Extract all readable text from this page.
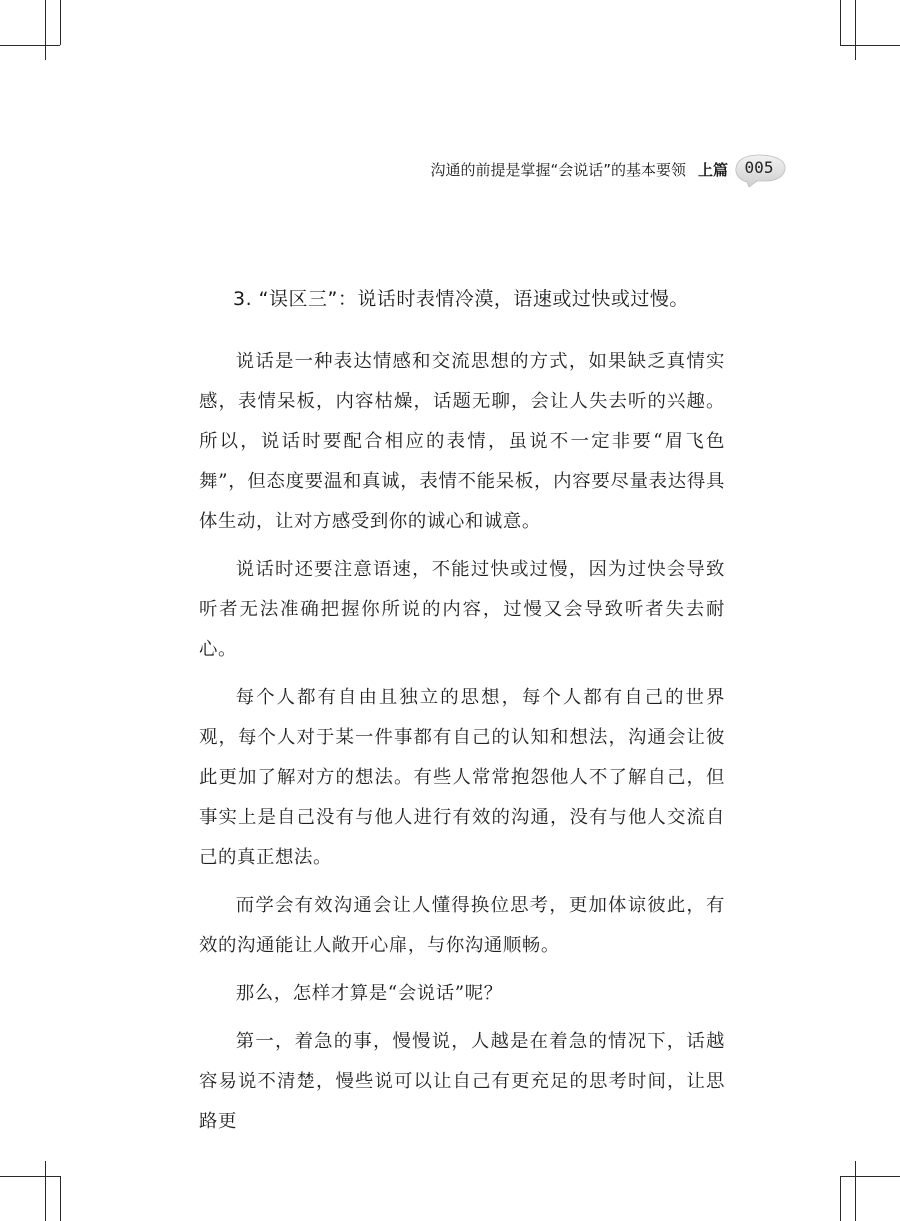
沟通的前提是掌握“会说话”的基本要领 上篇	005
3. “误区三”：说话时表情冷漠，语速或过快或过慢。

说话是一种表达情感和交流思想的方式，如果缺乏真情实感，表情呆板，内容枯燥，话题无聊，会让人失去听的兴趣。所以，说话时要配合相应的表情，虽说不一定非要“眉飞色舞”，但态度要温和真诚，表情不能呆板，内容要尽量表达得具体生动，让对方感受到你的诚心和诚意。

说话时还要注意语速，不能过快或过慢，因为过快会导致听者无法准确把握你所说的内容，过慢又会导致听者失去耐心。

每个人都有自由且独立的思想，每个人都有自己的世界观，每个人对于某一件事都有自己的认知和想法，沟通会让彼此更加了解对方的想法。有些人常常抱怨他人不了解自己，但事实上是自己没有与他人进行有效的沟通，没有与他人交流自己的真正想法。

而学会有效沟通会让人懂得换位思考，更加体谅彼此，有效的沟通能让人敞开心扉，与你沟通顺畅。

那么，怎样才算是“会说话”呢？

第一，着急的事，慢慢说，人越是在着急的情况下，话越容易说不清楚，慢些说可以让自己有更充足的思考时间，让思路更
